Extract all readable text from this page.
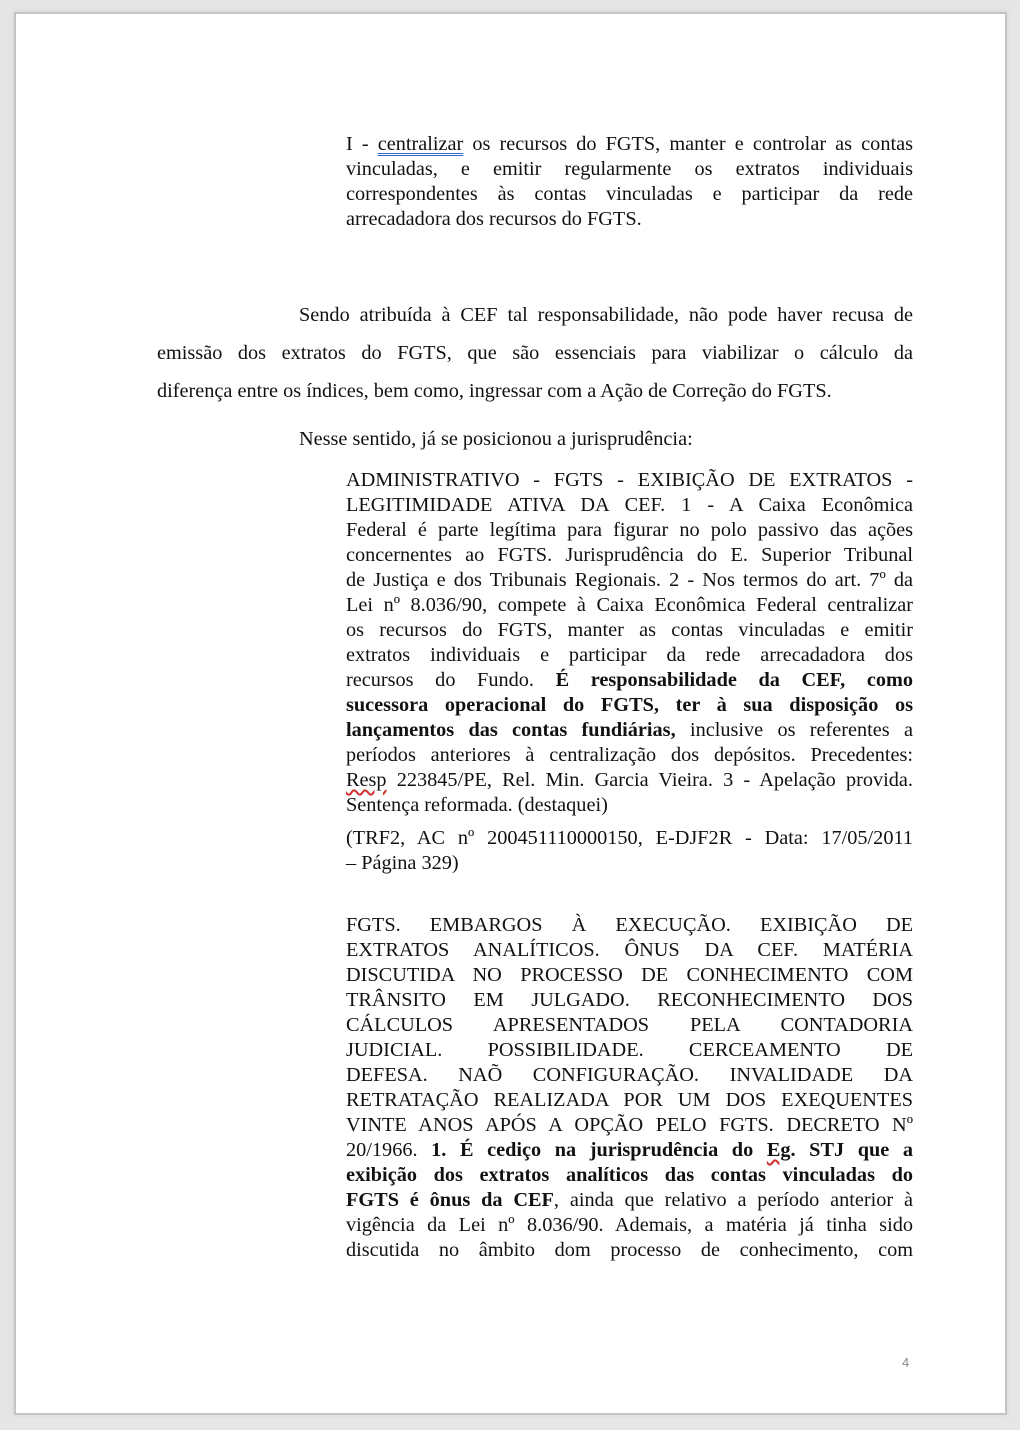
I - centralizar os recursos do FGTS, manter e controlar as contas
vinculadas, e emitir regularmente os extratos individuais
correspondentes às contas vinculadas e participar da rede
arrecadadora dos recursos do FGTS.
Sendo atribuída à CEF tal responsabilidade, não pode haver recusa de
emissão dos extratos do FGTS, que são essenciais para viabilizar o cálculo da
diferença entre os índices, bem como, ingressar com a Ação de Correção do FGTS.
Nesse sentido, já se posicionou a jurisprudência:
ADMINISTRATIVO - FGTS - EXIBIÇÃO DE EXTRATOS -
LEGITIMIDADE ATIVA DA CEF. 1 - A Caixa Econômica
Federal é parte legítima para figurar no polo passivo das ações
concernentes ao FGTS. Jurisprudência do E. Superior Tribunal
de Justiça e dos Tribunais Regionais. 2 - Nos termos do art. 7º da
Lei nº 8.036/90, compete à Caixa Econômica Federal centralizar
os recursos do FGTS, manter as contas vinculadas e emitir
extratos individuais e participar da rede arrecadadora dos
recursos do Fundo. É responsabilidade da CEF, como
sucessora operacional do FGTS, ter à sua disposição os
lançamentos das contas fundiárias, inclusive os referentes a
períodos anteriores à centralização dos depósitos. Precedentes:
Resp 223845/PE, Rel. Min. Garcia Vieira. 3 - Apelação provida.
Sentença reformada. (destaquei)
(TRF2, AC nº 200451110000150, E-DJF2R - Data: 17/05/2011
– Página 329)
FGTS. EMBARGOS À EXECUÇÃO. EXIBIÇÃO DE
EXTRATOS ANALÍTICOS. ÔNUS DA CEF. MATÉRIA
DISCUTIDA NO PROCESSO DE CONHECIMENTO COM
TRÂNSITO EM JULGADO. RECONHECIMENTO DOS
CÁLCULOS APRESENTADOS PELA CONTADORIA
JUDICIAL. POSSIBILIDADE. CERCEAMENTO DE
DEFESA. NAÕ CONFIGURAÇÃO. INVALIDADE DA
RETRATAÇÃO REALIZADA POR UM DOS EXEQUENTES
VINTE ANOS APÓS A OPÇÃO PELO FGTS. DECRETO Nº
20/1966. 1. É cediço na jurisprudência do Eg. STJ que a
exibição dos extratos analíticos das contas vinculadas do
FGTS é ônus da CEF, ainda que relativo a período anterior à
vigência da Lei nº 8.036/90. Ademais, a matéria já tinha sido
discutida no âmbito dom processo de conhecimento, com
4
